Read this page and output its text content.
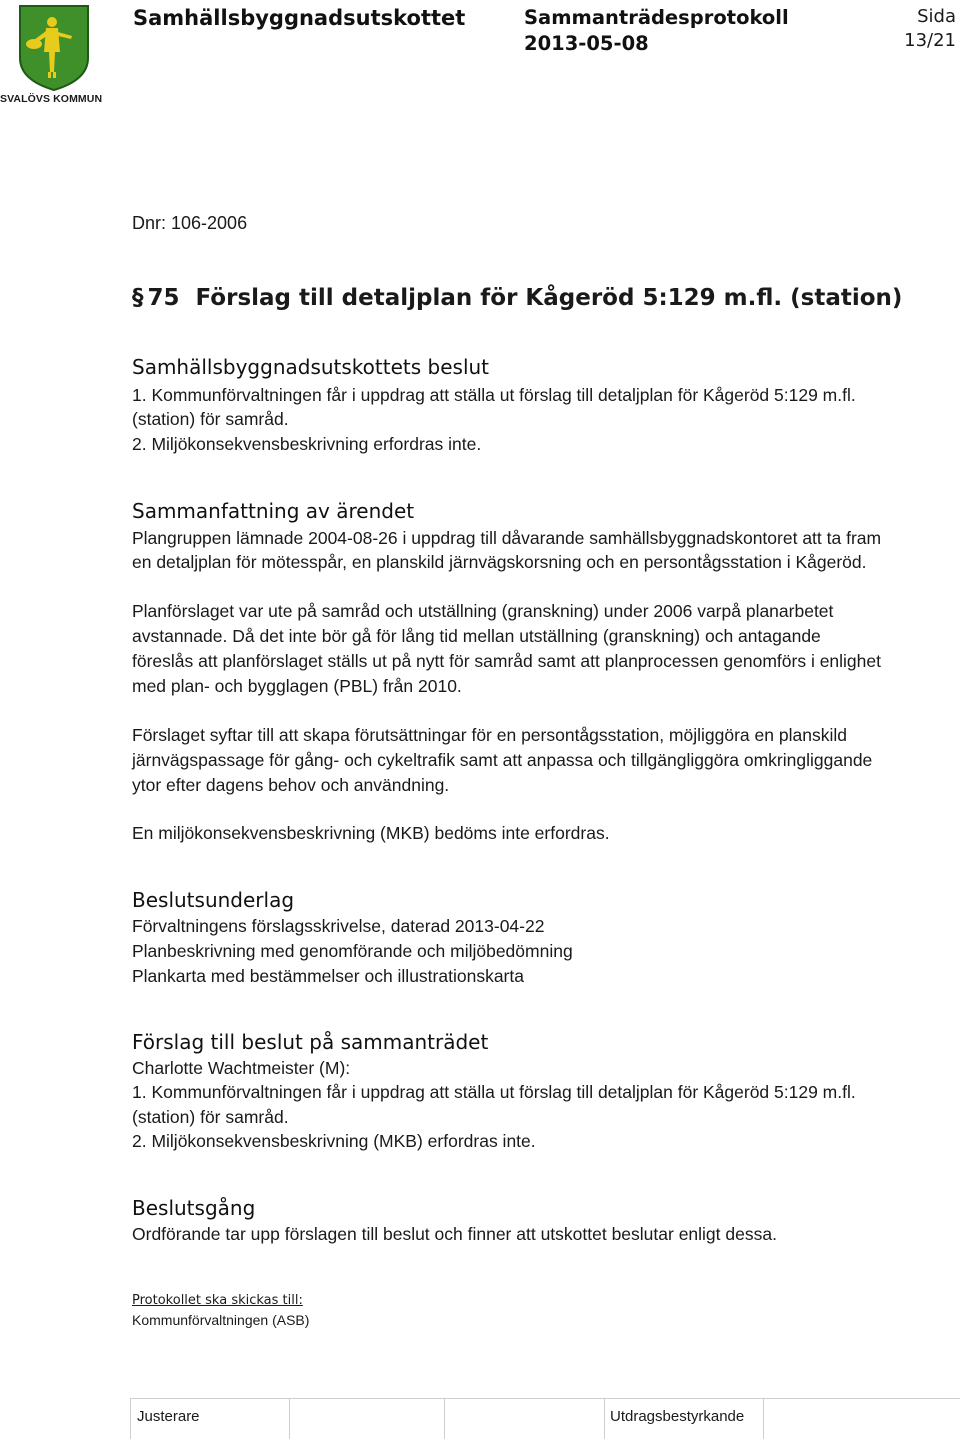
SVALÖVS KOMMUN
Samhällsbyggnadsutskottet	Sammanträdesprotokoll
2013-05-08
Sida
13/21
Dnr: 106-2006
§ 75  Förslag till detaljplan för Kågeröd 5:129 m.fl. (station)
Samhällsbyggnadsutskottets beslut
1. Kommunförvaltningen får i uppdrag att ställa ut förslag till detaljplan för Kågeröd 5:129 m.fl.
(station) för samråd.
2. Miljökonsekvensbeskrivning erfordras inte.
Sammanfattning av ärendet
Plangruppen lämnade 2004-08-26 i uppdrag till dåvarande samhällsbyggnadskontoret att ta fram
en detaljplan för mötesspår, en planskild järnvägskorsning och en persontågsstation i Kågeröd.
Planförslaget var ute på samråd och utställning (granskning) under 2006 varpå planarbetet
avstannade. Då det inte bör gå för lång tid mellan utställning (granskning) och antagande
föreslås att planförslaget ställs ut på nytt för samråd samt att planprocessen genomförs i enlighet
med plan- och bygglagen (PBL) från 2010.
Förslaget syftar till att skapa förutsättningar för en persontågsstation, möjliggöra en planskild
järnvägspassage för gång- och cykeltrafik samt att anpassa och tillgängliggöra omkringliggande
ytor efter dagens behov och användning.
En miljökonsekvensbeskrivning (MKB) bedöms inte erfordras.
Beslutsunderlag
Förvaltningens förslagsskrivelse, daterad 2013-04-22
Planbeskrivning med genomförande och miljöbedömning
Plankarta med bestämmelser och illustrationskarta
Förslag till beslut på sammanträdet
Charlotte Wachtmeister (M):
1. Kommunförvaltningen får i uppdrag att ställa ut förslag till detaljplan för Kågeröd 5:129 m.fl.
(station) för samråd.
2. Miljökonsekvensbeskrivning (MKB) erfordras inte.
Beslutsgång
Ordförande tar upp förslagen till beslut och finner att utskottet beslutar enligt dessa.
Protokollet ska skickas till:
Kommunförvaltningen (ASB)
Justerare	Utdragsbestyrkande
